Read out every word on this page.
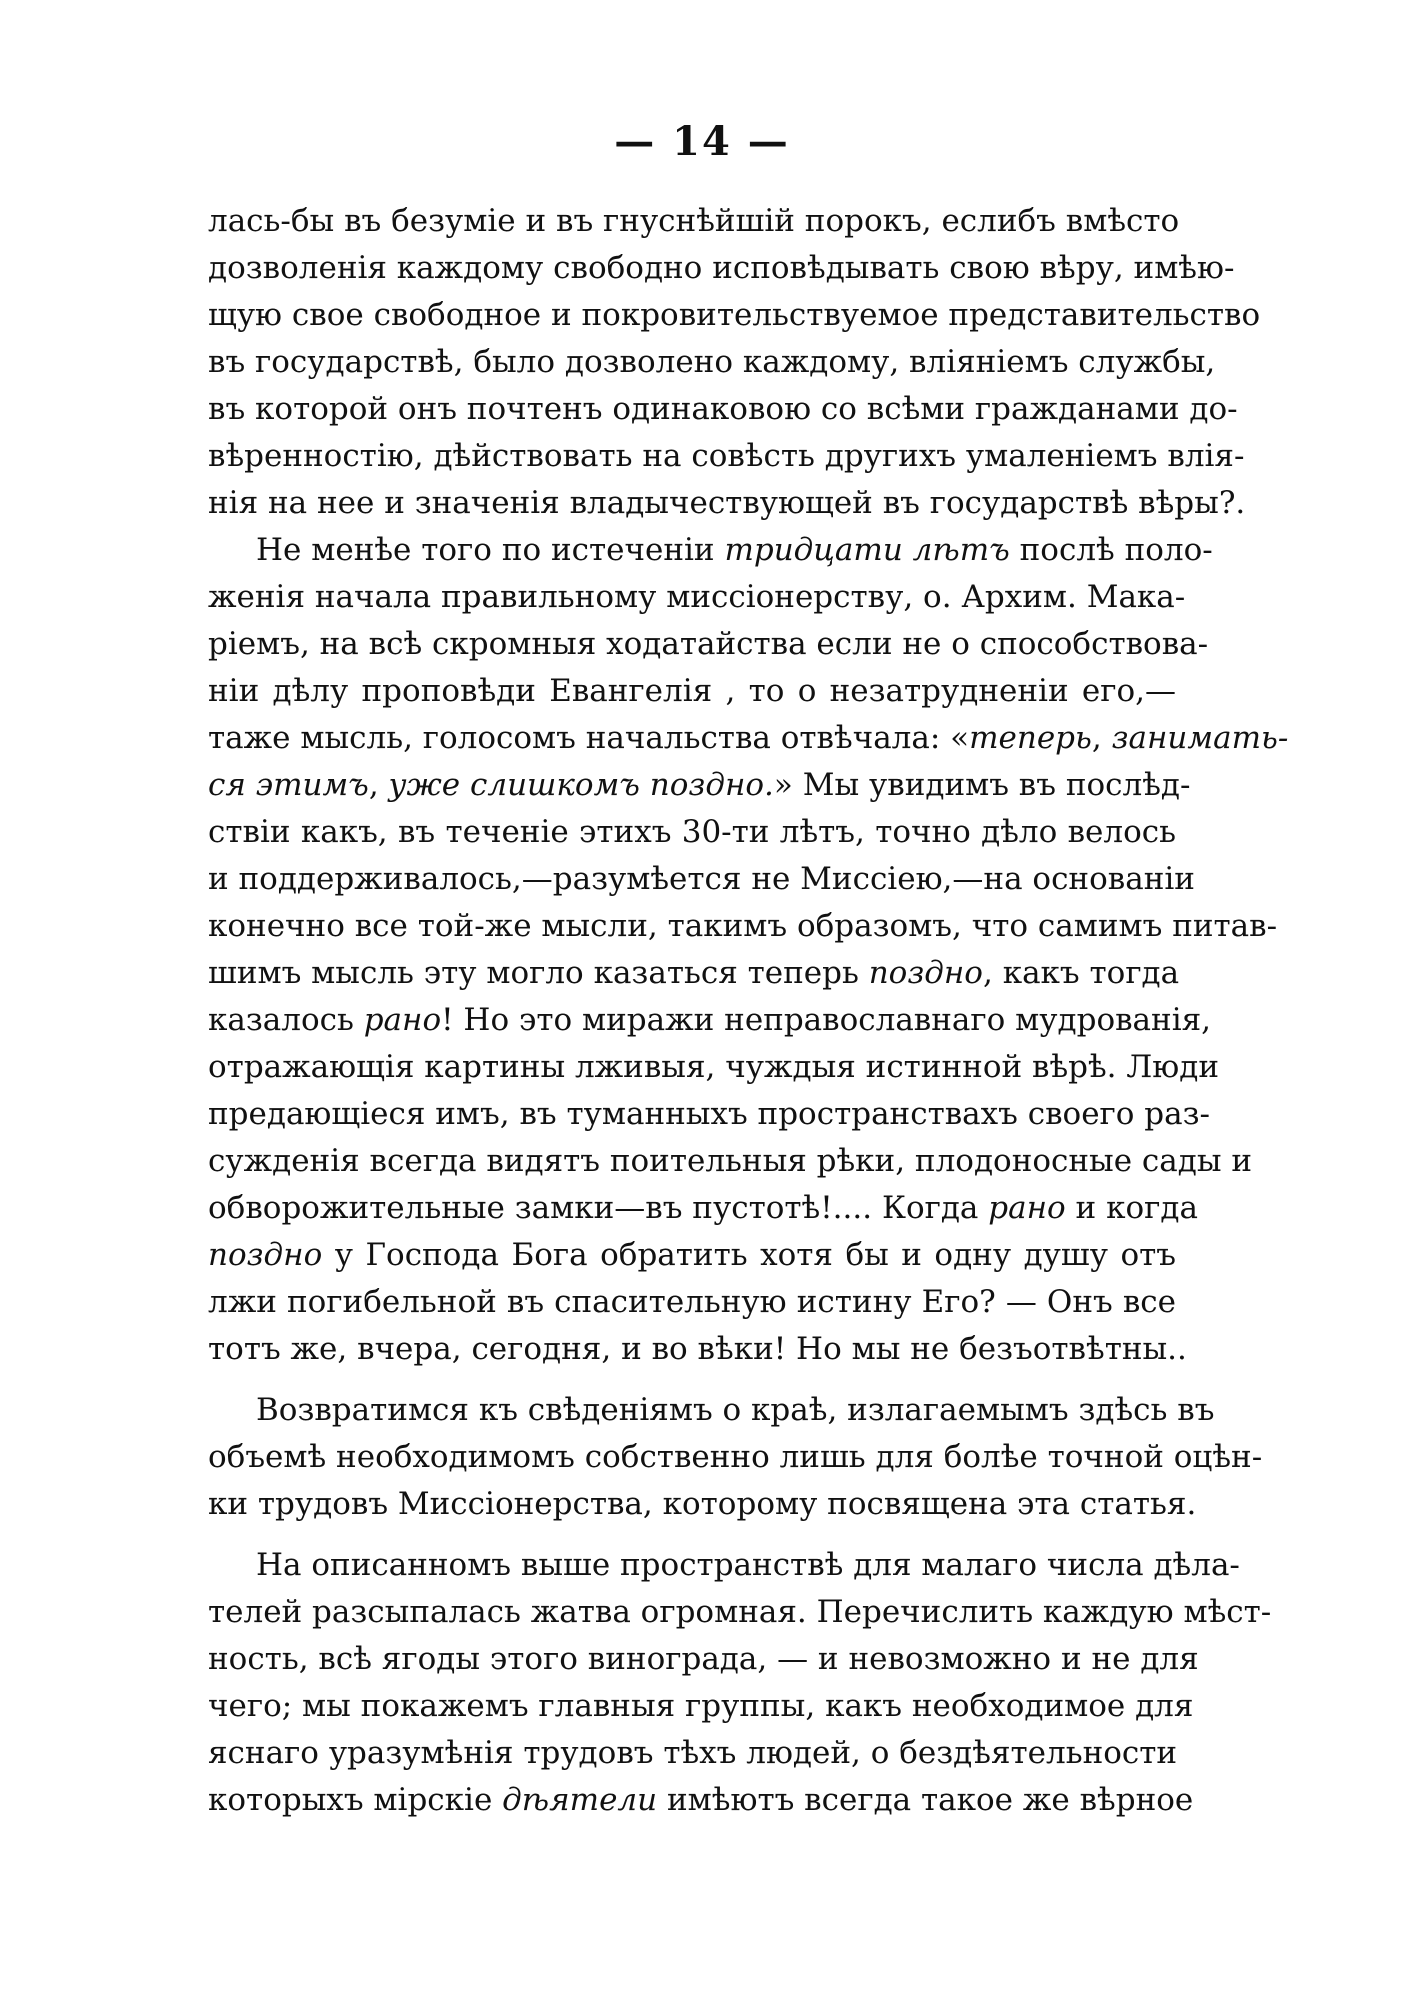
— 14 —
лась-бы въ безуміе и въ гнуснѣйшій порокъ, еслибъ вмѣсто
дозволенія каждому свободно исповѣдывать свою вѣру, имѣю-
щую свое свободное и покровительствуемое представительство
въ государствѣ, было дозволено каждому, вліяніемъ службы,
въ которой онъ почтенъ одинаковою со всѣми гражданами до-
вѣренностію, дѣйствовать на совѣсть другихъ умаленіемъ влія-
нія на нее и значенія владычествующей въ государствѣ вѣры?.
Не менѣе того по истеченіи тридцати лѣтъ послѣ поло-
женія начала правильному миссіонерству, о. Архим. Мака-
ріемъ, на всѣ скромныя ходатайства если не о способствова-
ніи дѣлу проповѣди Евангелія , то о незатрудненіи его,—
таже мысль, голосомъ начальства отвѣчала: «теперь, занимать-
ся этимъ, уже слишкомъ поздно.» Мы увидимъ въ послѣд-
ствіи какъ, въ теченіе этихъ 30-ти лѣтъ, точно дѣло велось
и поддерживалось,—разумѣется не Миссіею,—на основаніи
конечно все той-же мысли, такимъ образомъ, что самимъ питав-
шимъ мысль эту могло казаться теперь поздно, какъ тогда
казалось рано! Но это миражи неправославнаго мудрованія,
отражающія картины лживыя, чуждыя истинной вѣрѣ. Люди
предающіеся имъ, въ туманныхъ пространствахъ своего раз-
сужденія всегда видятъ поительныя рѣки, плодоносные сады и
обворожительные замки—въ пустотѣ!.... Когда рано и когда
поздно у Господа Бога обратить хотя бы и одну душу отъ
лжи погибельной въ спасительную истину Его? — Онъ все
тотъ же, вчера, сегодня, и во вѣки! Но мы не безъотвѣтны..
Возвратимся къ свѣденіямъ о краѣ, излагаемымъ здѣсь въ
объемѣ необходимомъ собственно лишь для болѣе точной оцѣн-
ки трудовъ Миссіонерства, которому посвящена эта статья.
На описанномъ выше пространствѣ для малаго числа дѣла-
телей разсыпалась жатва огромная. Перечислить каждую мѣст-
ность, всѣ ягоды этого винограда, — и невозможно и не для
чего; мы покажемъ главныя группы, какъ необходимое для
яснаго уразумѣнія трудовъ тѣхъ людей, о бездѣятельности
которыхъ мірскіе дѣятели имѣютъ всегда такое же вѣрное
